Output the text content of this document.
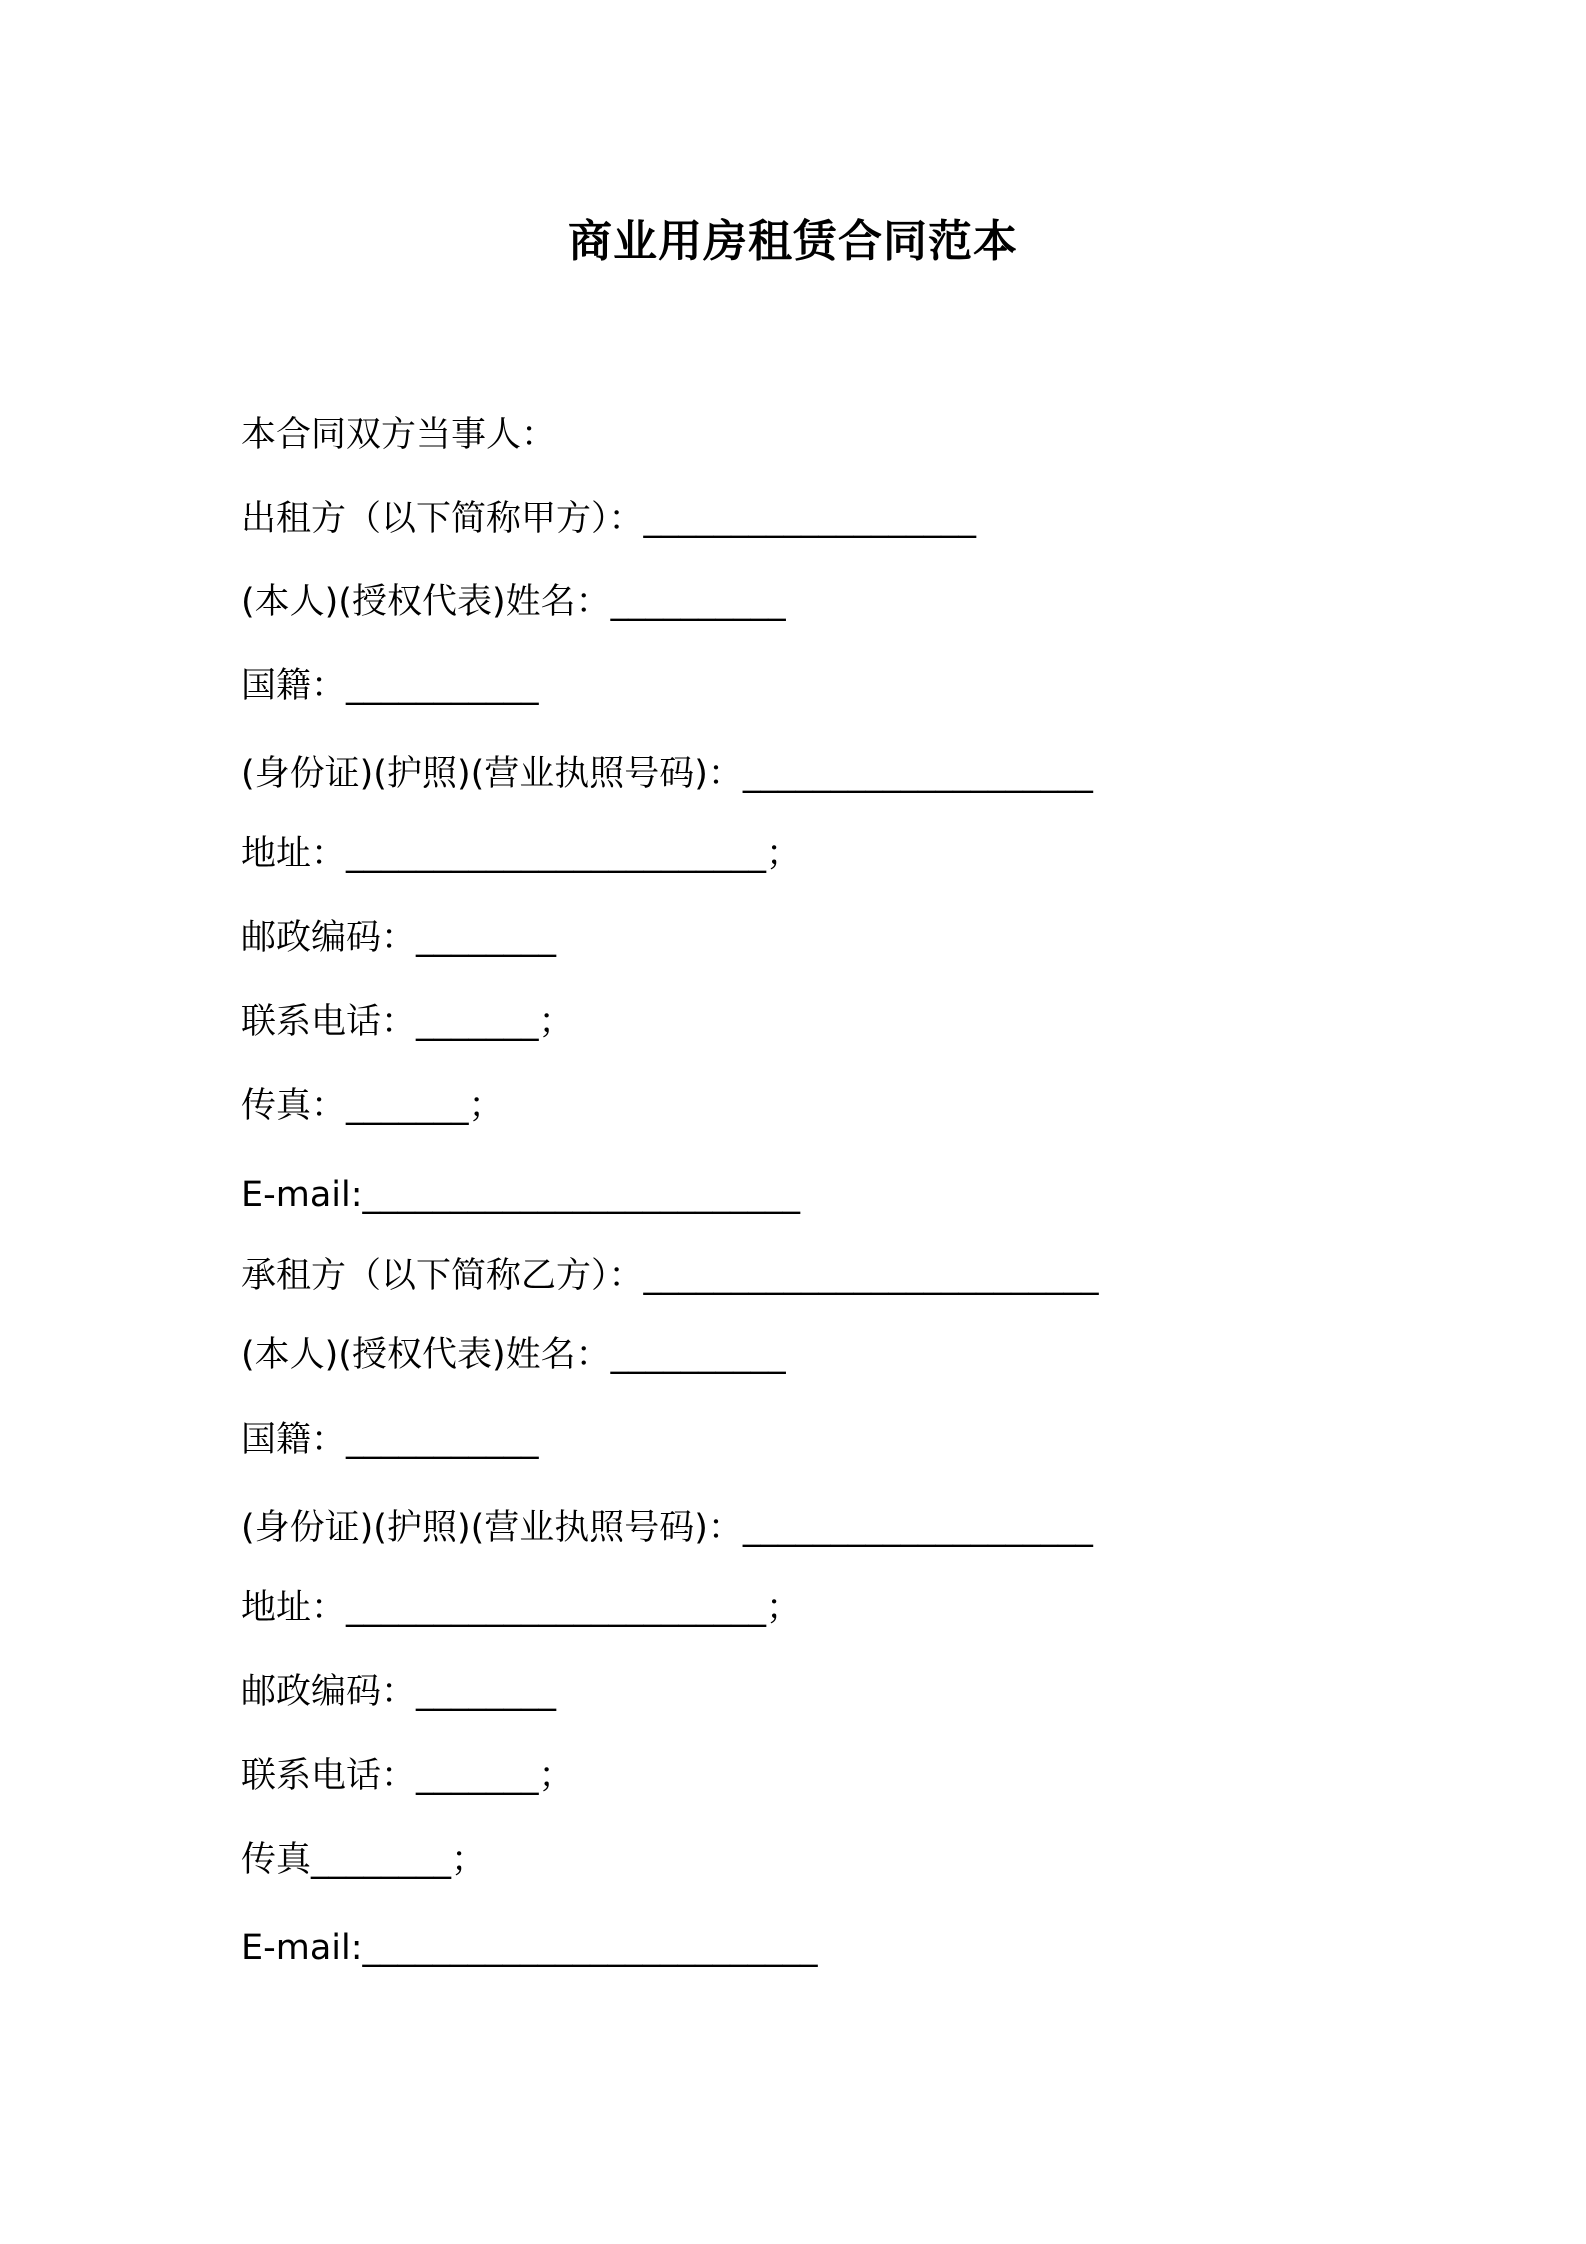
商业用房租赁合同范本

本合同双方当事人：

出租方（以下简称甲方）：___________________

(本人)(授权代表)姓名：__________

国籍：___________

(身份证)(护照)(营业执照号码)：____________________

地址：________________________；

邮政编码：________

联系电话：_______；

传真：_______；

E-mail:_________________________

承租方（以下简称乙方）：__________________________

(本人)(授权代表)姓名：__________

国籍：___________

(身份证)(护照)(营业执照号码)：____________________

地址：________________________；

邮政编码：________

联系电话：_______；

传真________；

E-mail:__________________________
